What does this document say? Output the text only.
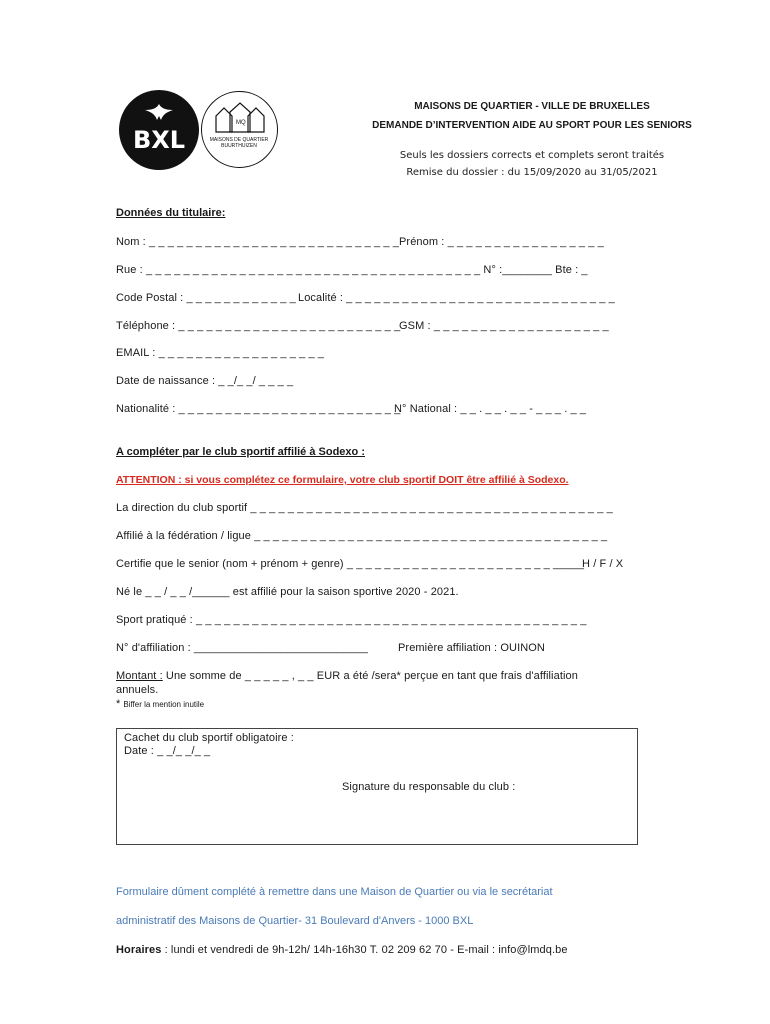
BXL
MQ
MAISONS DE QUARTIER
BUURTHUIZEN
MAISONS DE QUARTIER - VILLE DE BRUXELLES
DEMANDE D’INTERVENTION AIDE AU SPORT POUR LES SENIORS
Seuls les dossiers corrects et complets seront traités
Remise du dossier : du 15/09/2020 au 31/05/2021
Données du titulaire:
Nom : _ _ _ _ _ _ _ _ _ _ _ _ _ _ _ _ _ _ _ _ _ _ _ _ _ _ _ Prénom : _ _ _ _ _ _ _ _ _ _ _ _ _ _ _ _ _
Rue : _ _ _ _ _ _ _ _ _ _ _ _ _ _ _ _ _ _ _ _ _ _ _ _ _ _ _ _ _ _ _ _ _ _ _ _ N° :________ Bte : _
Code Postal : _ _ _ _ _ _ _ _ _ _ _ _ Localité : _ _ _ _ _ _ _ _ _ _ _ _ _ _ _ _ _ _ _ _ _ _ _ _ _ _ _ _ _
Téléphone : _ _ _ _ _ _ _ _ _ _ _ _ _ _ _ _ _ _ _ _ _ _ _ _
GSM : _ _ _ _ _ _ _ _ _ _ _ _ _ _ _ _ _ _ _
EMAIL : _ _ _ _ _ _ _ _ _ _ _ _ _ _ _ _ _ _
Date de naissance : _ _/_ _/ _ _ _ _
Nationalité : _ _ _ _ _ _ _ _ _ _ _ _ _ _ _ _ _ _ _ _ _ _ _ _
N° National : _ _ . _ _ . _ _ - _ _ _ . _ _
A compléter par le club sportif affilié à Sodexo :
ATTENTION : si vous complétez ce formulaire, votre club sportif DOIT être affilié à Sodexo.
La direction du club sportif _ _ _ _ _ _ _ _ _ _ _ _ _ _ _ _ _ _ _ _ _ _ _ _ _ _ _ _ _ _ _ _ _ _ _ _ _ _ _
Affilié à la fédération / ligue _ _ _ _ _ _ _ _ _ _ _ _ _ _ _ _ _ _ _ _ _ _ _ _ _ _ _ _ _ _ _ _ _ _ _ _ _ _
Certifie que le senior (nom + prénom + genre) _ _ _ _ _ _ _ _ _ _ _ _ _ _ _ _ _ _ _ _ _ _ _____
H / F / X
Né le _ _ / _ _ /______ est affilié pour la saison sportive 2020 - 2021.
Sport pratiqué : _ _ _ _ _ _ _ _ _ _ _ _ _ _ _ _ _ _ _ _ _ _ _ _ _ _ _ _ _ _ _ _ _ _ _ _ _ _ _ _ _ _
N° d'affiliation : ____________________________	Première affiliation : OUINON
Montant : Une somme de _ _ _ _ _ , _ _ EUR a été /sera* perçue en tant que frais d'affiliation
annuels.
* Biffer la mention inutile
Cachet du club sportif obligatoire :
Date : _ _/_ _/_ _
Signature du responsable du club :
Formulaire dûment complété à remettre dans une Maison de Quartier ou via le secrétariat
administratif des Maisons de Quartier- 31 Boulevard d'Anvers - 1000 BXL
Horaires : lundi et vendredi de 9h-12h/ 14h-16h30 T. 02 209 62 70 - E-mail : info@lmdq.be
